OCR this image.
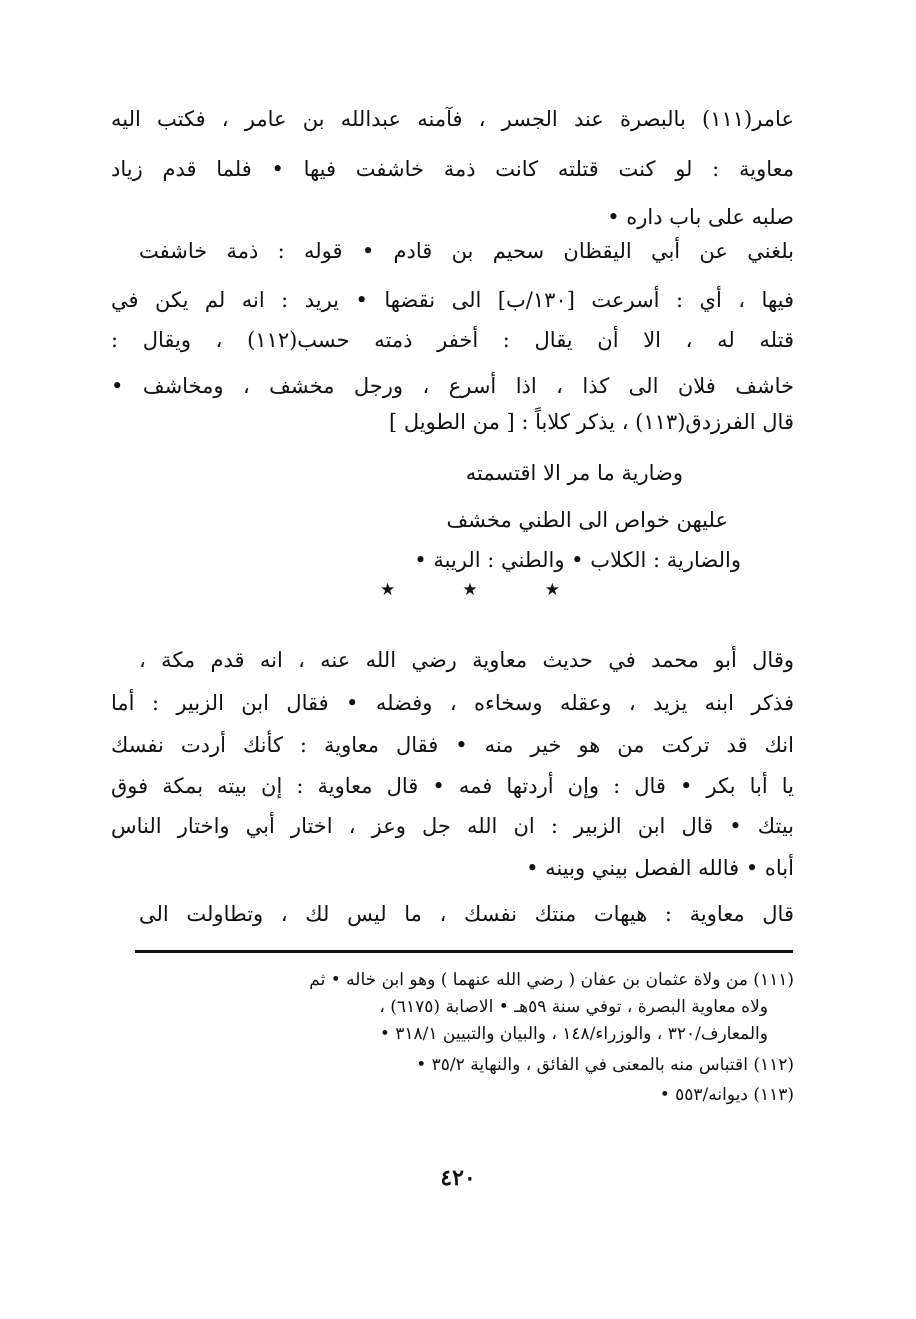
عامر(١١١) بالبصرة عند الجسر ، فآمنه عبدالله بن عامر ، فكتب اليه
معاوية : لو كنت قتلته كانت ذمة خاشفت فيها • فلما قدم زياد
صلبه على باب داره •
بلغني عن أبي اليقظان سحيم بن قادم • قوله : ذمة خاشفت
فيها ، أي : أسرعت [١٣٠/ب] الى نقضها • يريد : انه لم يكن في
قتله له ، الا أن يقال : أخفر ذمته حسب(١١٢) ، ويقال :
خاشف فلان الى كذا ، اذا أسرع ، ورجل مخشف ، ومخاشف •
قال الفرزدق(١١٣) ، يذكر كلاباً : [ من الطويل ]
وضارية ما مر الا اقتسمته
عليهن خواص الى الطني مخشف
والضارية : الكلاب • والطني : الريبة •
★	★	★
وقال أبو محمد في حديث معاوية رضي الله عنه ، انه قدم مكة ،
فذكر ابنه يزيد ، وعقله وسخاءه ، وفضله • فقال ابن الزبير : أما
انك قد تركت من هو خير منه • فقال معاوية : كأنك أردت نفسك
يا أبا بكر • قال : وإن أردتها فمه • قال معاوية : إن بيته بمكة فوق
بيتك • قال ابن الزبير : ان الله جل وعز ، اختار أبي واختار الناس
أباه • فالله الفصل بيني وبينه •
قال معاوية : هيهات منتك نفسك ، ما ليس لك ، وتطاولت الى
(١١١) من ولاة عثمان بن عفان ( رضي الله عنهما ) وهو ابن خاله • ثم
ولاه معاوية البصرة ، توفي سنة ٥٩هـ • الاصابة (٦١٧٥) ،
والمعارف/٣٢٠ ، والوزراء/١٤٨ ، والبيان والتبيين ٣١٨/١ •
(١١٢) اقتباس منه بالمعنى في الفائق ، والنهاية ٣٥/٢ •
(١١٣) ديوانه/٥٥٣ •
٤٢٠
